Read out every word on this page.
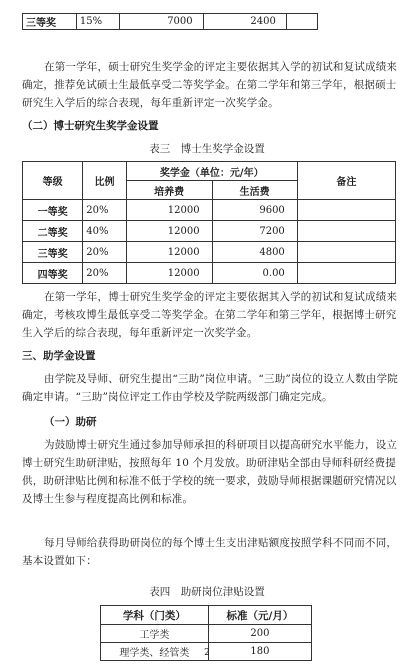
三等奖	15%	7000	2400	
在第一学年，硕士研究生奖学金的评定主要依据其入学的初试和复试成绩来确定，推荐免试硕士生最低享受二等奖学金。在第二学年和第三学年，根据硕士研究生入学后的综合表现，每年重新评定一次奖学金。
（二）博士研究生奖学金设置
表三　博士生奖学金设置
等级	比例	奖学金（单位：元/年）		备注
		培养费	生活费	
一等奖	20%	12000	9600	
二等奖	40%	12000	7200	
三等奖	20%	12000	4800	
四等奖	20%	12000	0.00	
在第一学年，博士研究生奖学金的评定主要依据其入学的初试和复试成绩来确定，考核攻博生最低享受二等奖学金。在第二学年和第三学年，根据博士研究生入学后的综合表现，每年重新评定一次奖学金。
三、助学金设置
由学院及导师、研究生提出“三助”岗位申请。“三助”岗位的设立人数由学院确定申请。“三助”岗位评定工作由学校及学院两级部门确定完成。
（一）助研
为鼓励博士研究生通过参加导师承担的科研项目以提高研究水平能力，设立博士研究生助研津贴，按照每年 10 个月发放。助研津贴全部由导师科研经费提供，助研津贴比例和标准不低于学校的统一要求，鼓励导师根据课题研究情况以及博士生参与程度提高比例和标准。
每月导师给获得助研岗位的每个博士生支出津贴额度按照学科不同而不同，基本设置如下：
表四　助研岗位津贴设置
学科（门类）	标准（元/月）
工学类	200
理学类、经管类	180
2
